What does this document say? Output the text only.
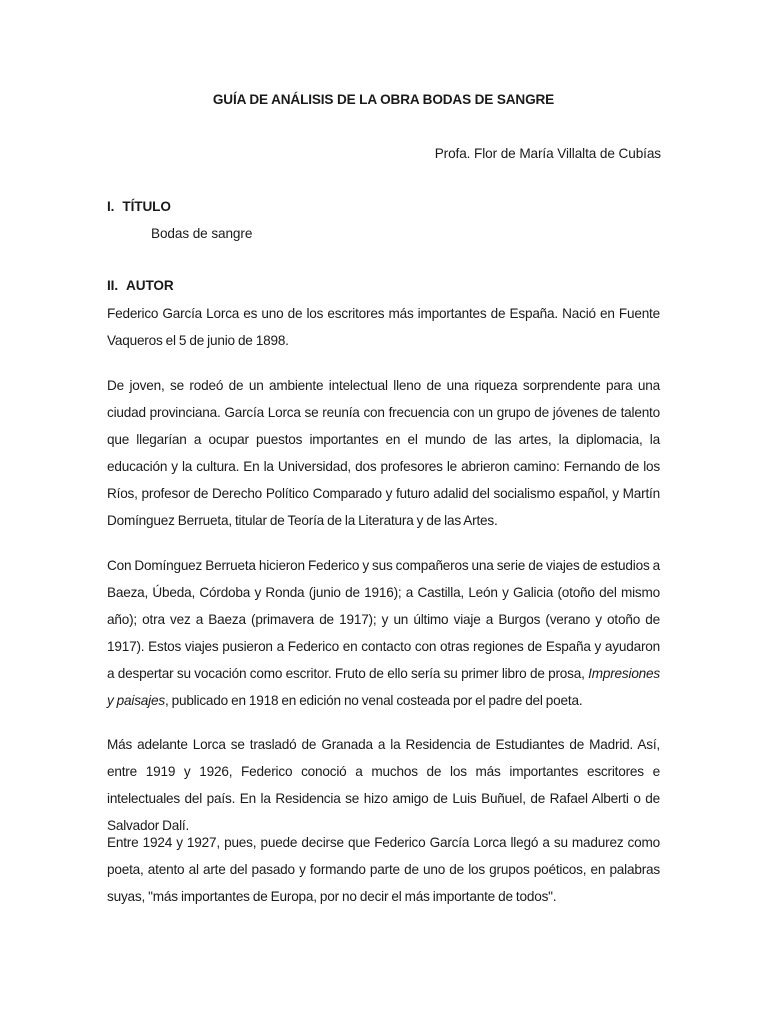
GUÍA DE ANÁLISIS DE LA OBRA BODAS DE SANGRE
Profa. Flor de María Villalta de Cubías
I. TÍTULO
Bodas de sangre
II. AUTOR

Federico García Lorca es uno de los escritores más importantes de España. Nació en Fuente Vaqueros el 5 de junio de 1898.

De joven, se rodeó de un ambiente intelectual lleno de una riqueza sorprendente para una ciudad provinciana. García Lorca se reunía con frecuencia con un grupo de jóvenes de talento que llegarían a ocupar puestos importantes en el mundo de las artes, la diplomacia, la educación y la cultura. En la Universidad, dos profesores le abrieron camino: Fernando de los Ríos, profesor de Derecho Político Comparado y futuro adalid del socialismo español, y Martín Domínguez Berrueta, titular de Teoría de la Literatura y de las Artes.

Con Domínguez Berrueta hicieron Federico y sus compañeros una serie de viajes de estudios a Baeza, Úbeda, Córdoba y Ronda (junio de 1916); a Castilla, León y Galicia (otoño del mismo año); otra vez a Baeza (primavera de 1917); y un último viaje a Burgos (verano y otoño de 1917). Estos viajes pusieron a Federico en contacto con otras regiones de España y ayudaron a despertar su vocación como escritor. Fruto de ello sería su primer libro de prosa, Impresiones y paisajes, publicado en 1918 en edición no venal costeada por el padre del poeta.

Más adelante Lorca se trasladó de Granada a la Residencia de Estudiantes de Madrid. Así, entre 1919 y 1926, Federico conoció a muchos de los más importantes escritores e intelectuales del país. En la Residencia se hizo amigo de Luis Buñuel, de Rafael Alberti o de Salvador Dalí.

Entre 1924 y 1927, pues, puede decirse que Federico García Lorca llegó a su madurez como poeta, atento al arte del pasado y formando parte de uno de los grupos poéticos, en palabras suyas, "más importantes de Europa, por no decir el más importante de todos".
